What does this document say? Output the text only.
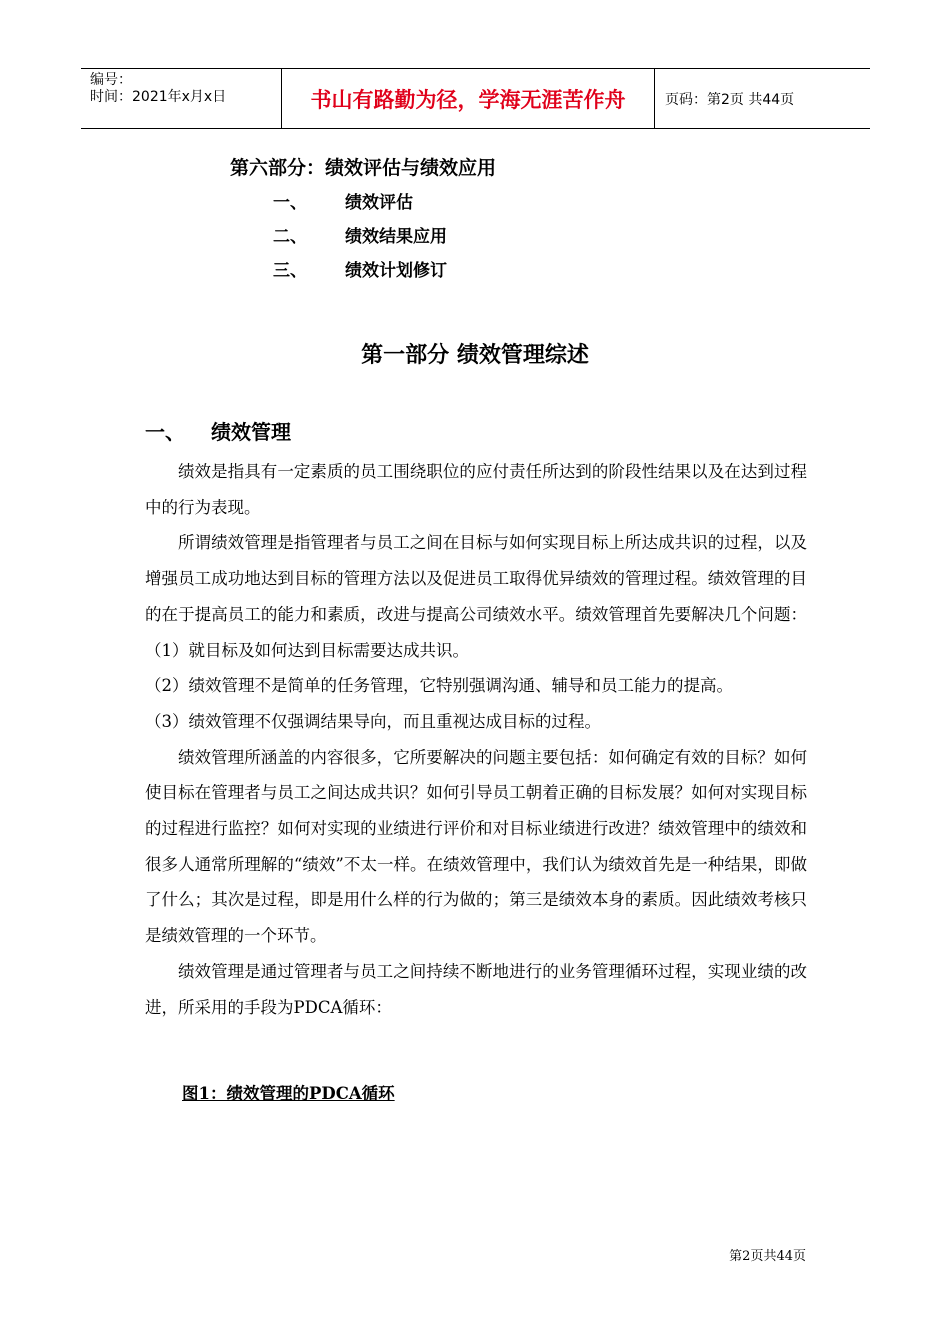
编号：
时间：2021年x月x日	书山有路勤为径，学海无涯苦作舟	页码：第2页 共44页
第六部分：绩效评估与绩效应用
一、	绩效评估
二、	绩效结果应用
三、	绩效计划修订
第一部分 绩效管理综述
一、	绩效管理

绩效是指具有一定素质的员工围绕职位的应付责任所达到的阶段性结果以及在达到过程中的行为表现。

所谓绩效管理是指管理者与员工之间在目标与如何实现目标上所达成共识的过程，以及增强员工成功地达到目标的管理方法以及促进员工取得优异绩效的管理过程。绩效管理的目的在于提高员工的能力和素质，改进与提高公司绩效水平。绩效管理首先要解决几个问题：（1）就目标及如何达到目标需要达成共识。

（2）绩效管理不是简单的任务管理，它特别强调沟通、辅导和员工能力的提高。

（3）绩效管理不仅强调结果导向，而且重视达成目标的过程。

绩效管理所涵盖的内容很多，它所要解决的问题主要包括：如何确定有效的目标？如何使目标在管理者与员工之间达成共识？如何引导员工朝着正确的目标发展？如何对实现目标的过程进行监控？如何对实现的业绩进行评价和对目标业绩进行改进？绩效管理中的绩效和很多人通常所理解的“绩效”不太一样。在绩效管理中，我们认为绩效首先是一种结果，即做了什么；其次是过程，即是用什么样的行为做的；第三是绩效本身的素质。因此绩效考核只是绩效管理的一个环节。

绩效管理是通过管理者与员工之间持续不断地进行的业务管理循环过程，实现业绩的改进，所采用的手段为PDCA循环：

图1：绩效管理的PDCA循环
第2页共44页
